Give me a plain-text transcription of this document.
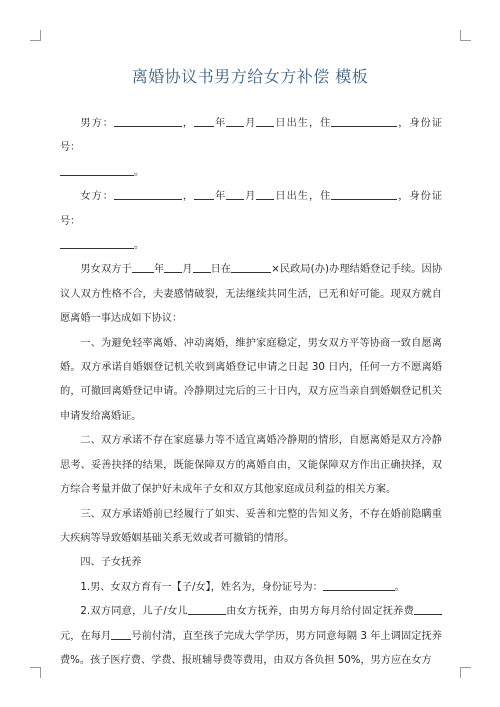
离婚协议书男方给女方补偿 模板

男方：	， 年 月 日出生，住	，身份证号：

。

女方：	， 年 月 日出生，住	，身份证号：

。

男女双方于 年 月 日在	×民政局(办)办理结婚登记手续。因协议人双方性格不合，夫妻感情破裂，无法继续共同生活，已无和好可能。现双方就自愿离婚一事达成如下协议：

一、为避免轻率离婚、冲动离婚，维护家庭稳定，男女双方平等协商一致自愿离婚。双方承诺自婚姻登记机关收到离婚登记申请之日起 30 日内，任何一方不愿离婚的，可撤回离婚登记申请。冷静期过完后的三十日内，双方应当亲自到婚姻登记机关申请发给离婚证。

二、双方承诺不存在家庭暴力等不适宜离婚冷静期的情形，自愿离婚是双方冷静思考、妥善抉择的结果，既能保障双方的离婚自由，又能保障双方作出正确抉择，双方综合考量并做了保护好未成年子女和双方其他家庭成员利益的相关方案。

三、双方承诺婚前已经履行了如实、妥善和完整的告知义务，不存在婚前隐瞒重大疾病等导致婚姻基础关系无效或者可撤销的情形。

四、子女抚养

1.男、女双方育有一【子/女】，姓名为，身份证号为：	。

2.双方同意，儿子/女儿	由女方抚养，由男方每月给付固定抚养费元，在每月 号前付清，直至孩子完成大学学历，男方同意每隔 3 年上调固定抚养费%。孩子医疗费、学费、报班辅导费等费用，由双方各负担 50%，男方应在女方
